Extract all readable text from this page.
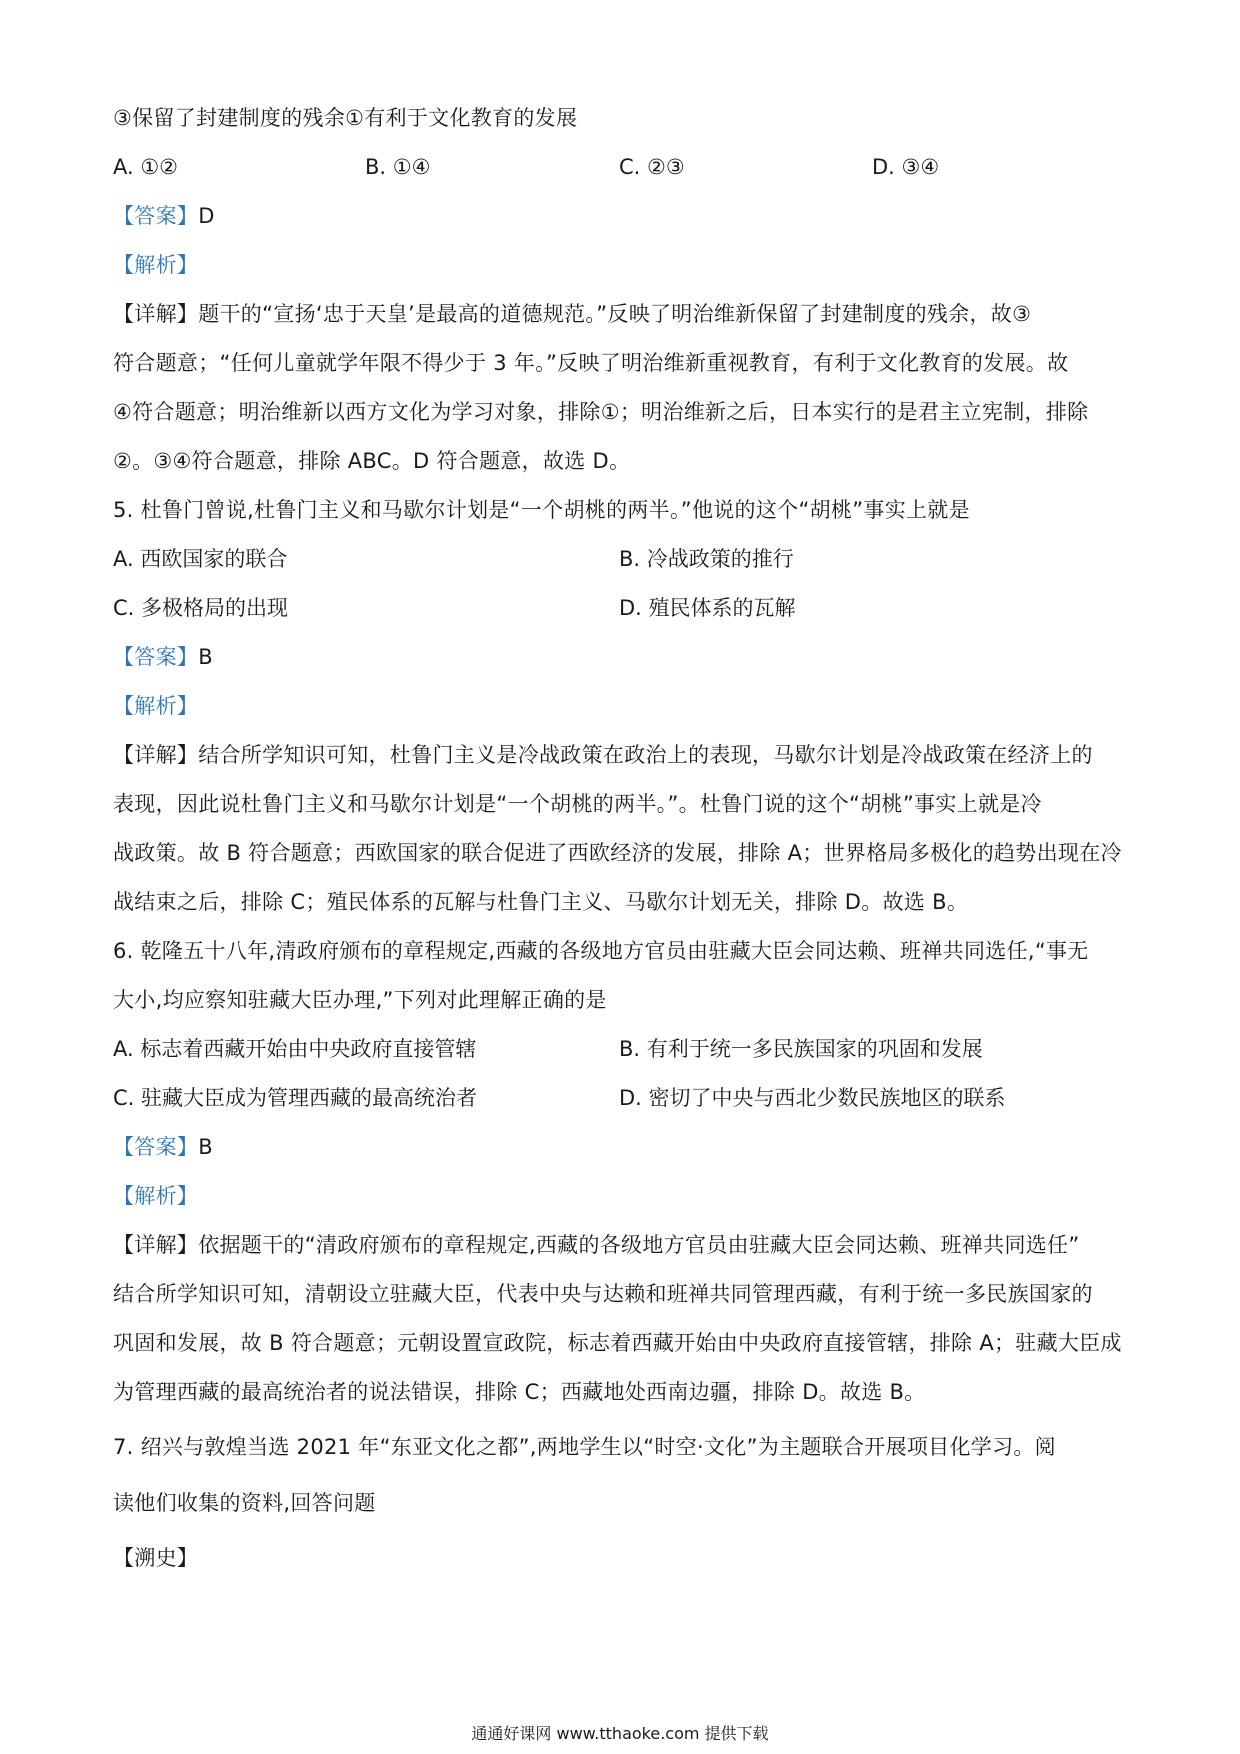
③保留了封建制度的残余①有利于文化教育的发展
A. ①②	B. ①④	C. ②③	D. ③④
【答案】D
【解析】
【详解】题干的“宣扬‘忠于天皇’是最高的道德规范。”反映了明治维新保留了封建制度的残余，故③
符合题意；“任何儿童就学年限不得少于 3 年。”反映了明治维新重视教育，有利于文化教育的发展。故
④符合题意；明治维新以西方文化为学习对象，排除①；明治维新之后，日本实行的是君主立宪制，排除
②。③④符合题意，排除 ABC。D 符合题意，故选 D。
5. 杜鲁门曾说,杜鲁门主义和马歇尔计划是“一个胡桃的两半。”他说的这个“胡桃”事实上就是
A. 西欧国家的联合	B. 冷战政策的推行
C. 多极格局的出现	D. 殖民体系的瓦解
【答案】B
【解析】
【详解】结合所学知识可知，杜鲁门主义是冷战政策在政治上的表现，马歇尔计划是冷战政策在经济上的
表现，因此说杜鲁门主义和马歇尔计划是“一个胡桃的两半。”。杜鲁门说的这个“胡桃”事实上就是冷
战政策。故 B 符合题意；西欧国家的联合促进了西欧经济的发展，排除 A；世界格局多极化的趋势出现在冷
战结束之后，排除 C；殖民体系的瓦解与杜鲁门主义、马歇尔计划无关，排除 D。故选 B。
6. 乾隆五十八年,清政府颁布的章程规定,西藏的各级地方官员由驻藏大臣会同达赖、班禅共同选任,“事无
大小,均应察知驻藏大臣办理,”下列对此理解正确的是
A. 标志着西藏开始由中央政府直接管辖	B. 有利于统一多民族国家的巩固和发展
C. 驻藏大臣成为管理西藏的最高统治者	D. 密切了中央与西北少数民族地区的联系
【答案】B
【解析】
【详解】依据题干的“清政府颁布的章程规定,西藏的各级地方官员由驻藏大臣会同达赖、班禅共同选任”
结合所学知识可知，清朝设立驻藏大臣，代表中央与达赖和班禅共同管理西藏，有利于统一多民族国家的
巩固和发展，故 B 符合题意；元朝设置宣政院，标志着西藏开始由中央政府直接管辖，排除 A；驻藏大臣成
为管理西藏的最高统治者的说法错误，排除 C；西藏地处西南边疆，排除 D。故选 B。
7. 绍兴与敦煌当选 2021 年“东亚文化之都”,两地学生以“时空·文化”为主题联合开展项目化学习。阅
读他们收集的资料,回答问题
【溯史】
通通好课网 www.tthaoke.com 提供下载
